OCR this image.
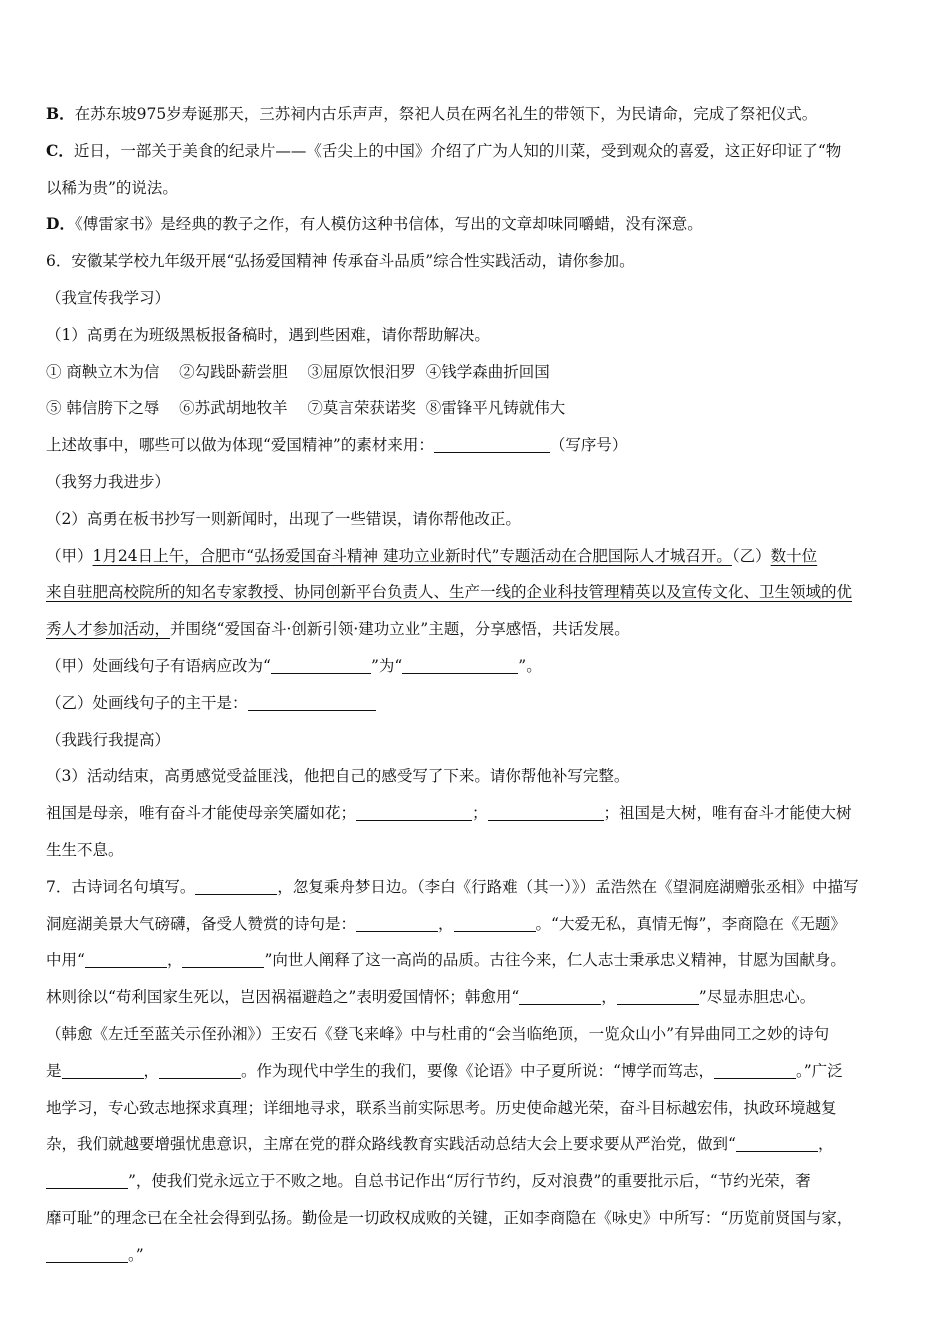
B．在苏东坡975岁寿诞那天，三苏祠内古乐声声，祭祀人员在两名礼生的带领下，为民请命，完成了祭祀仪式。
C．近日，一部关于美食的纪录片——《舌尖上的中国》介绍了广为人知的川菜，受到观众的喜爱，这正好印证了“物
以稀为贵”的说法。
D．《傅雷家书》是经典的教子之作，有人模仿这种书信体，写出的文章却味同嚼蜡，没有深意。
6．安徽某学校九年级开展“弘扬爱国精神 传承奋斗品质”综合性实践活动，请你参加。
（我宣传我学习）
（1）高勇在为班级黑板报备稿时，遇到些困难，请你帮助解决。
① 商鞅立木为信    ②勾践卧薪尝胆    ③屈原饮恨汨罗  ④钱学森曲折回国
⑤ 韩信胯下之辱    ⑥苏武胡地牧羊    ⑦莫言荣获诺奖  ⑧雷锋平凡铸就伟大
上述故事中，哪些可以做为体现“爱国精神”的素材来用：	（写序号）
（我努力我进步）
（2）高勇在板书抄写一则新闻时，出现了一些错误，请你帮他改正。
（甲）1月24日上午，合肥市“弘扬爱国奋斗精神 建功立业新时代”专题活动在合肥国际人才城召开。（乙）数十位
来自驻肥高校院所的知名专家教授、协同创新平台负责人、生产一线的企业科技管理精英以及宣传文化、卫生领域的优
秀人才参加活动，并围绕“爱国奋斗·创新引领·建功立业”主题，分享感悟，共话发展。
（甲）处画线句子有语病应改为“	”为“	”。
（乙）处画线句子的主干是：
（我践行我提高）
（3）活动结束，高勇感觉受益匪浅，他把自己的感受写了下来。请你帮他补写完整。
祖国是母亲，唯有奋斗才能使母亲笑靥如花；	；	；祖国是大树，唯有奋斗才能使大树
生生不息。
7．古诗词名句填写。	，忽复乘舟梦日边。（李白《行路难（其一）》）孟浩然在《望洞庭湖赠张丞相》中描写
洞庭湖美景大气磅礴，备受人赞赏的诗句是：	，	。“大爱无私，真情无悔”，李商隐在《无题》
中用“	，	”向世人阐释了这一高尚的品质。古往今来，仁人志士秉承忠义精神，甘愿为国献身。
林则徐以“苟利国家生死以，岂因祸福避趋之”表明爱国情怀；韩愈用“	，	”尽显赤胆忠心。
（韩愈《左迁至蓝关示侄孙湘》）王安石《登飞来峰》中与杜甫的“会当临绝顶，一览众山小”有异曲同工之妙的诗句
是	，	。作为现代中学生的我们，要像《论语》中子夏所说：“博学而笃志，	。”广泛
地学习，专心致志地探求真理；详细地寻求，联系当前实际思考。历史使命越光荣，奋斗目标越宏伟，执政环境越复
杂，我们就越要增强忧患意识，主席在党的群众路线教育实践活动总结大会上要求要从严治党，做到“	，
”，使我们党永远立于不败之地。自总书记作出“厉行节约，反对浪费”的重要批示后，“节约光荣，奢
靡可耻”的理念已在全社会得到弘扬。勤俭是一切政权成败的关键，正如李商隐在《咏史》中所写：“历览前贤国与家，
。”
